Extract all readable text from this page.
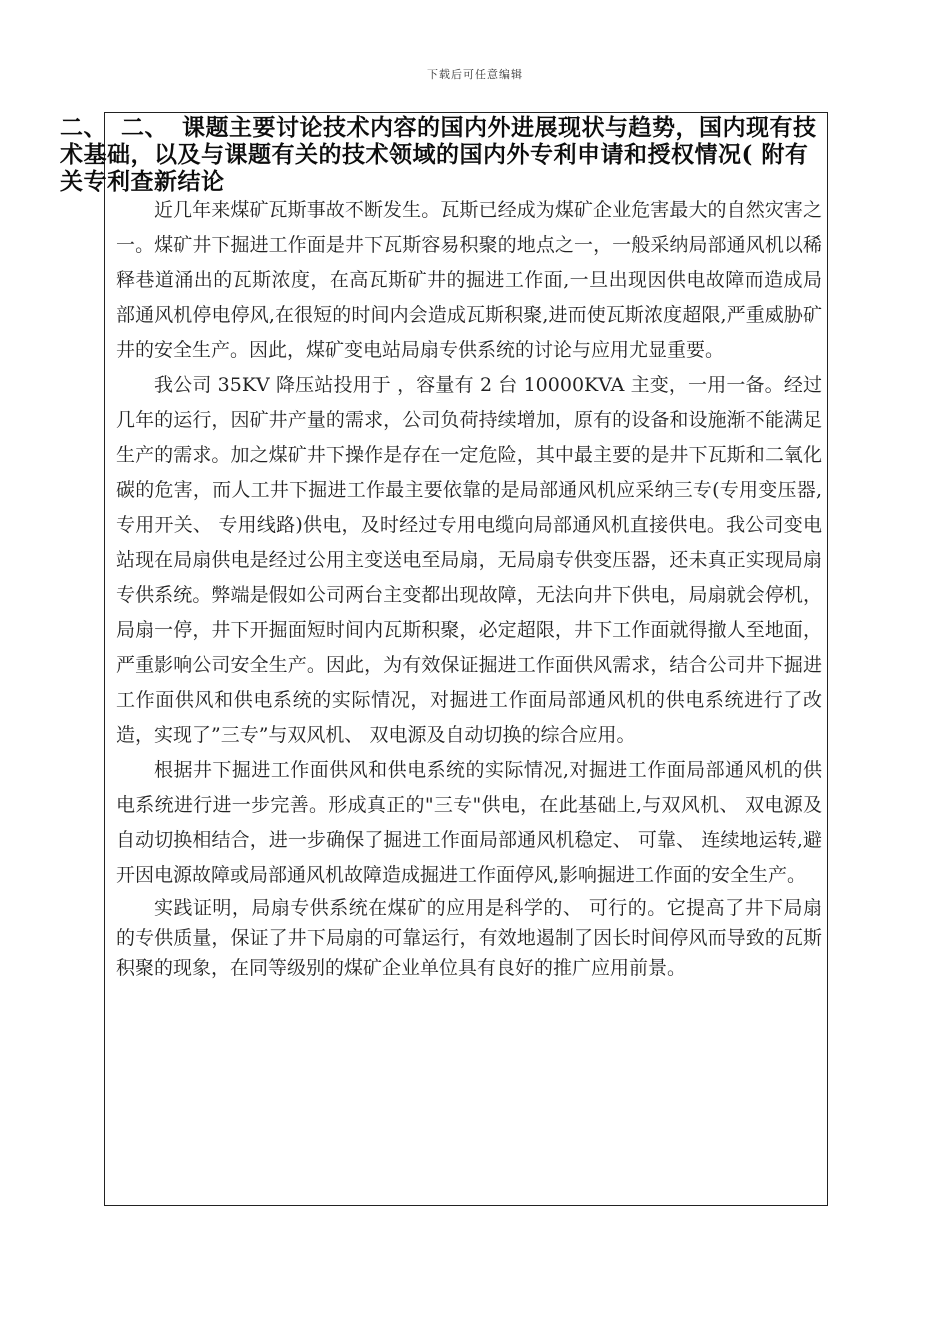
下载后可任意编辑
二、 二、 课题主要讨论技术内容的国内外进展现状与趋势，国内现有技术基础，以及与课题有关的技术领域的国内外专利申请和授权情况( 附有关专利查新结论

近几年来煤矿瓦斯事故不断发生。瓦斯已经成为煤矿企业危害最大的自然灾害之一。煤矿井下掘进工作面是井下瓦斯容易积聚的地点之一，一般采纳局部通风机以稀释巷道涌出的瓦斯浓度，在高瓦斯矿井的掘进工作面,一旦出现因供电故障而造成局部通风机停电停风,在很短的时间内会造成瓦斯积聚,进而使瓦斯浓度超限,严重威胁矿井的安全生产。因此，煤矿变电站局扇专供系统的讨论与应用尤显重要。

我公司 35KV 降压站投用于 ，容量有 2 台 10000KVA 主变，一用一备。经过几年的运行，因矿井产量的需求，公司负荷持续增加，原有的设备和设施渐不能满足生产的需求。加之煤矿井下操作是存在一定危险，其中最主要的是井下瓦斯和二氧化碳的危害，而人工井下掘进工作最主要依靠的是局部通风机应采纳三专(专用变压器,专用开关、 专用线路)供电，及时经过专用电缆向局部通风机直接供电。我公司变电站现在局扇供电是经过公用主变送电至局扇，无局扇专供变压器，还未真正实现局扇专供系统。弊端是假如公司两台主变都出现故障，无法向井下供电，局扇就会停机，局扇一停，井下开掘面短时间内瓦斯积聚，必定超限，井下工作面就得撤人至地面，严重影响公司安全生产。因此，为有效保证掘进工作面供风需求，结合公司井下掘进工作面供风和供电系统的实际情况，对掘进工作面局部通风机的供电系统进行了改造，实现了”三专”与双风机、 双电源及自动切换的综合应用。

根据井下掘进工作面供风和供电系统的实际情况,对掘进工作面局部通风机的供电系统进行进一步完善。形成真正的"三专"供电，在此基础上,与双风机、 双电源及自动切换相结合，进一步确保了掘进工作面局部通风机稳定、 可靠、 连续地运转,避开因电源故障或局部通风机故障造成掘进工作面停风,影响掘进工作面的安全生产。

实践证明，局扇专供系统在煤矿的应用是科学的、 可行的。它提高了井下局扇的专供质量，保证了井下局扇的可靠运行，有效地遏制了因长时间停风而导致的瓦斯积聚的现象，在同等级别的煤矿企业单位具有良好的推广应用前景。
